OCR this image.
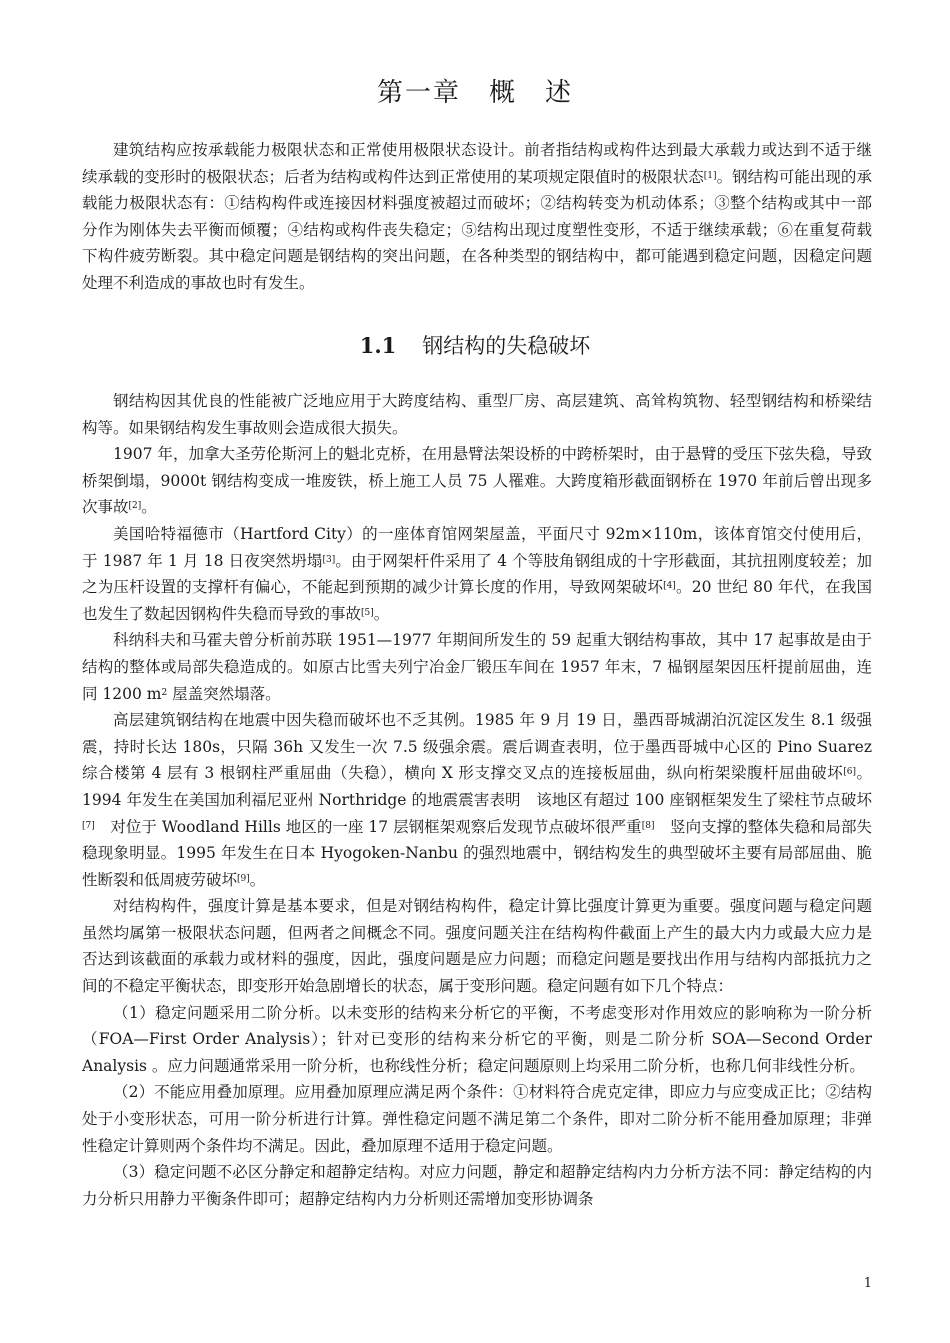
第一章 概　述

建筑结构应按承载能力极限状态和正常使用极限状态设计。前者指结构或构件达到最大承载力或达到不适于继续承载的变形时的极限状态；后者为结构或构件达到正常使用的某项规定限值时的极限状态[1]。钢结构可能出现的承载能力极限状态有：①结构构件或连接因材料强度被超过而破坏；②结构转变为机动体系；③整个结构或其中一部分作为刚体失去平衡而倾覆；④结构或构件丧失稳定；⑤结构出现过度塑性变形，不适于继续承载；⑥在重复荷载下构件疲劳断裂。其中稳定问题是钢结构的突出问题，在各种类型的钢结构中，都可能遇到稳定问题，因稳定问题处理不利造成的事故也时有发生。

1.1 钢结构的失稳破坏

钢结构因其优良的性能被广泛地应用于大跨度结构、重型厂房、高层建筑、高耸构筑物、轻型钢结构和桥梁结构等。如果钢结构发生事故则会造成很大损失。

1907 年，加拿大圣劳伦斯河上的魁北克桥，在用悬臂法架设桥的中跨桥架时，由于悬臂的受压下弦失稳，导致桥架倒塌，9000t 钢结构变成一堆废铁，桥上施工人员 75 人罹难。大跨度箱形截面钢桥在 1970 年前后曾出现多次事故[2]。

美国哈特福德市（Hartford City）的一座体育馆网架屋盖，平面尺寸 92m×110m，该体育馆交付使用后，于 1987 年 1 月 18 日夜突然坍塌[3]。由于网架杆件采用了 4 个等肢角钢组成的十字形截面，其抗扭刚度较差；加之为压杆设置的支撑杆有偏心，不能起到预期的减少计算长度的作用，导致网架破坏[4]。20 世纪 80 年代，在我国也发生了数起因钢构件失稳而导致的事故[5]。

科纳科夫和马霍夫曾分析前苏联 1951—1977 年期间所发生的 59 起重大钢结构事故，其中 17 起事故是由于结构的整体或局部失稳造成的。如原古比雪夫列宁冶金厂锻压车间在 1957 年末，7 榀钢屋架因压杆提前屈曲，连同 1200 $m^2$ 屋盖突然塌落。

高层建筑钢结构在地震中因失稳而破坏也不乏其例。1985 年 9 月 19 日，墨西哥城湖泊沉淀区发生 8.1 级强震，持时长达 180s，只隔 36h 又发生一次 7.5 级强余震。震后调查表明，位于墨西哥城中心区的 Pino Suarez 综合楼第 4 层有 3 根钢柱严重屈曲（失稳），横向 X 形支撑交叉点的连接板屈曲，纵向桁架梁腹杆屈曲破坏[6]。1994 年发生在美国加利福尼亚州 Northridge 的地震震害表明　该地区有超过 100 座钢框架发生了梁柱节点破坏[7]　对位于 Woodland Hills 地区的一座 17 层钢框架观察后发现节点破坏很严重[8]　竖向支撑的整体失稳和局部失稳现象明显。1995 年发生在日本 Hyogoken-Nanbu 的强烈地震中，钢结构发生的典型破坏主要有局部屈曲、脆性断裂和低周疲劳破坏[9]。

对结构构件，强度计算是基本要求，但是对钢结构构件，稳定计算比强度计算更为重要。强度问题与稳定问题虽然均属第一极限状态问题，但两者之间概念不同。强度问题关注在结构构件截面上产生的最大内力或最大应力是否达到该截面的承载力或材料的强度，因此，强度问题是应力问题；而稳定问题是要找出作用与结构内部抵抗力之间的不稳定平衡状态，即变形开始急剧增长的状态，属于变形问题。稳定问题有如下几个特点：

（1）稳定问题采用二阶分析。以未变形的结构来分析它的平衡，不考虑变形对作用效应的影响称为一阶分析（FOA—First Order Analysis）；针对已变形的结构来分析它的平衡，则是二阶分析 SOA—Second Order Analysis 。应力问题通常采用一阶分析，也称线性分析；稳定问题原则上均采用二阶分析，也称几何非线性分析。

（2）不能应用叠加原理。应用叠加原理应满足两个条件：①材料符合虎克定律，即应力与应变成正比；②结构处于小变形状态，可用一阶分析进行计算。弹性稳定问题不满足第二个条件，即对二阶分析不能用叠加原理；非弹性稳定计算则两个条件均不满足。因此，叠加原理不适用于稳定问题。

（3）稳定问题不必区分静定和超静定结构。对应力问题，静定和超静定结构内力分析方法不同：静定结构的内力分析只用静力平衡条件即可；超静定结构内力分析则还需增加变形协调条

1
